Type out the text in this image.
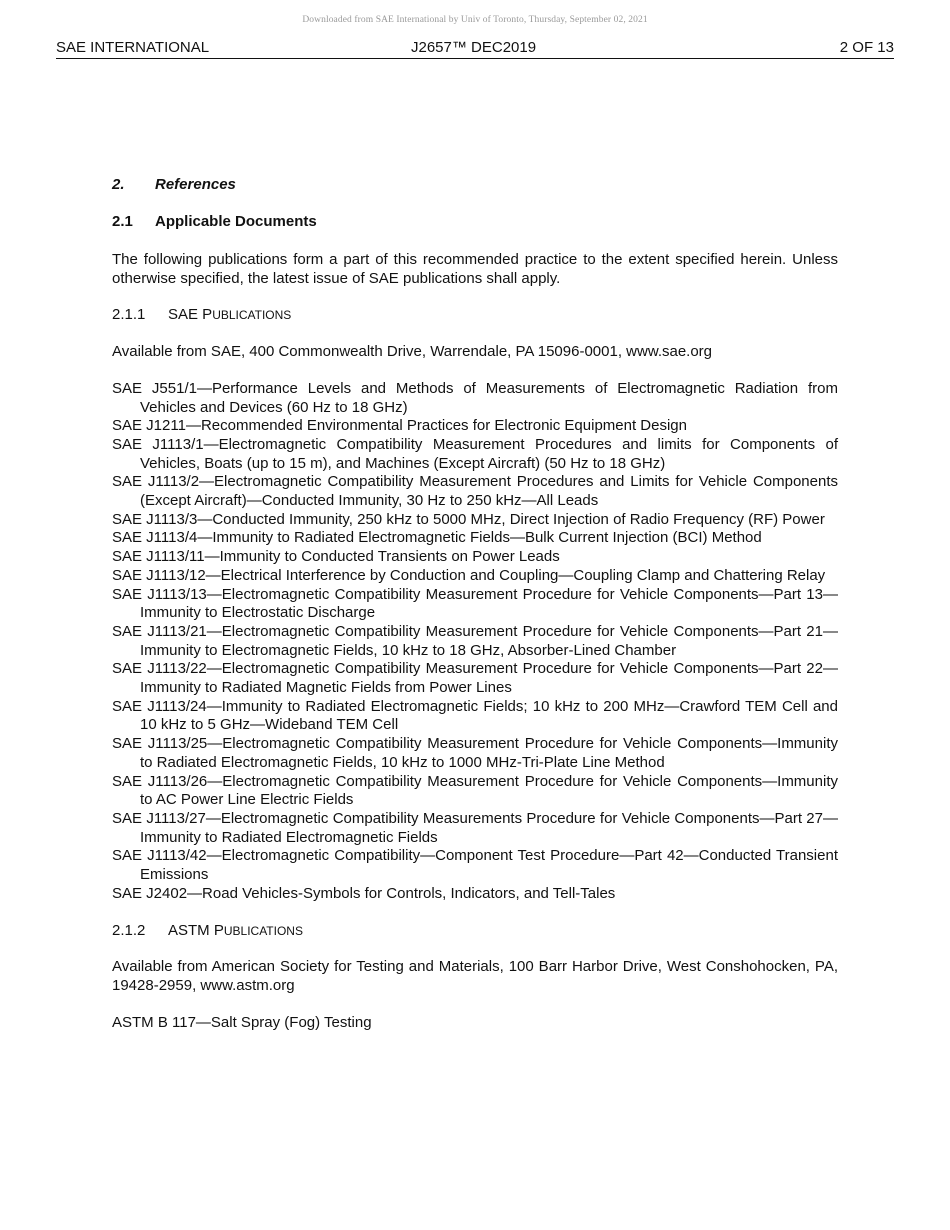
Downloaded from SAE International by Univ of Toronto, Thursday, September 02, 2021
SAE INTERNATIONAL	J2657™ DEC2019	2 OF 13

2. References

2.1 Applicable Documents

The following publications form a part of this recommended practice to the extent specified herein. Unless otherwise specified, the latest issue of SAE publications shall apply.

2.1.1 SAE PUBLICATIONS

Available from SAE, 400 Commonwealth Drive, Warrendale, PA 15096-0001, www.sae.org

SAE J551/1—Performance Levels and Methods of Measurements of Electromagnetic Radiation from Vehicles and Devices (60 Hz to 18 GHz)

SAE J1211—Recommended Environmental Practices for Electronic Equipment Design

SAE J1113/1—Electromagnetic Compatibility Measurement Procedures and limits for Components of Vehicles, Boats (up to 15 m), and Machines (Except Aircraft) (50 Hz to 18 GHz)

SAE J1113/2—Electromagnetic Compatibility Measurement Procedures and Limits for Vehicle Components (Except Aircraft)—Conducted Immunity, 30 Hz to 250 kHz—All Leads

SAE J1113/3—Conducted Immunity, 250 kHz to 5000 MHz, Direct Injection of Radio Frequency (RF) Power

SAE J1113/4—Immunity to Radiated Electromagnetic Fields—Bulk Current Injection (BCI) Method

SAE J1113/11—Immunity to Conducted Transients on Power Leads

SAE J1113/12—Electrical Interference by Conduction and Coupling—Coupling Clamp and Chattering Relay

SAE J1113/13—Electromagnetic Compatibility Measurement Procedure for Vehicle Components—Part 13—Immunity to Electrostatic Discharge

SAE J1113/21—Electromagnetic Compatibility Measurement Procedure for Vehicle Components—Part 21—Immunity to Electromagnetic Fields, 10 kHz to 18 GHz, Absorber-Lined Chamber

SAE J1113/22—Electromagnetic Compatibility Measurement Procedure for Vehicle Components—Part 22—Immunity to Radiated Magnetic Fields from Power Lines

SAE J1113/24—Immunity to Radiated Electromagnetic Fields; 10 kHz to 200 MHz—Crawford TEM Cell and 10 kHz to 5 GHz—Wideband TEM Cell

SAE J1113/25—Electromagnetic Compatibility Measurement Procedure for Vehicle Components—Immunity to Radiated Electromagnetic Fields, 10 kHz to 1000 MHz-Tri-Plate Line Method

SAE J1113/26—Electromagnetic Compatibility Measurement Procedure for Vehicle Components—Immunity to AC Power Line Electric Fields

SAE J1113/27—Electromagnetic Compatibility Measurements Procedure for Vehicle Components—Part 27—Immunity to Radiated Electromagnetic Fields

SAE J1113/42—Electromagnetic Compatibility—Component Test Procedure—Part 42—Conducted Transient Emissions

SAE J2402—Road Vehicles-Symbols for Controls, Indicators, and Tell-Tales

2.1.2 ASTM PUBLICATIONS

Available from American Society for Testing and Materials, 100 Barr Harbor Drive, West Conshohocken, PA, 19428-2959, www.astm.org

ASTM B 117—Salt Spray (Fog) Testing
